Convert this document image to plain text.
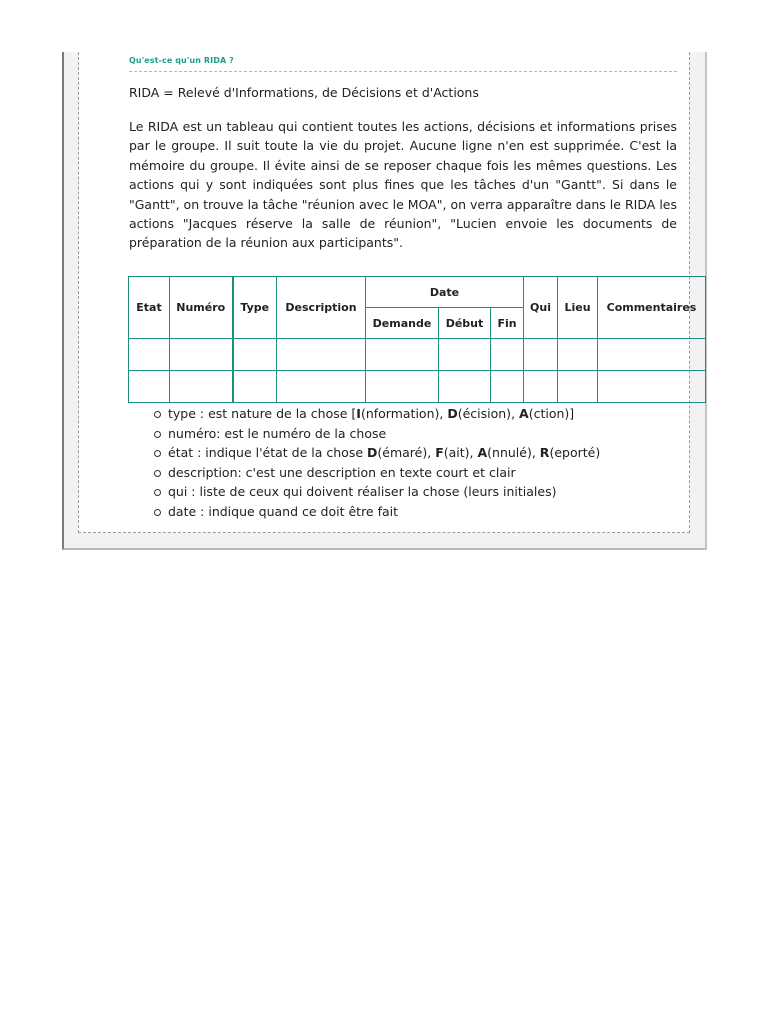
Qu'est-ce qu'un RIDA ?
RIDA = Relevé d'Informations, de Décisions et d'Actions

Le RIDA est un tableau qui contient toutes les actions, décisions et informations prises par le groupe. Il suit toute la vie du projet. Aucune ligne n'en est supprimée. C'est la mémoire du groupe. Il évite ainsi de se reposer chaque fois les mêmes questions. Les actions qui y sont indiquées sont plus fines que les tâches d'un "Gantt". Si dans le "Gantt", on trouve la tâche "réunion avec le MOA", on verra apparaître dans le RIDA les actions "Jacques réserve la salle de réunion", "Lucien envoie les documents de préparation de la réunion aux participants".

Etat	Numéro	Type	Description	Date			Qui	Lieu	Commentaires
				Demande	Début	Fin			

type : est nature de la chose [I(nformation), D(écision), A(ction)]
numéro: est le numéro de la chose
état : indique l'état de la chose D(émaré), F(ait), A(nnulé), R(eporté)
description: c'est une description en texte court et clair
qui : liste de ceux qui doivent réaliser la chose (leurs initiales)
date : indique quand ce doit être fait
